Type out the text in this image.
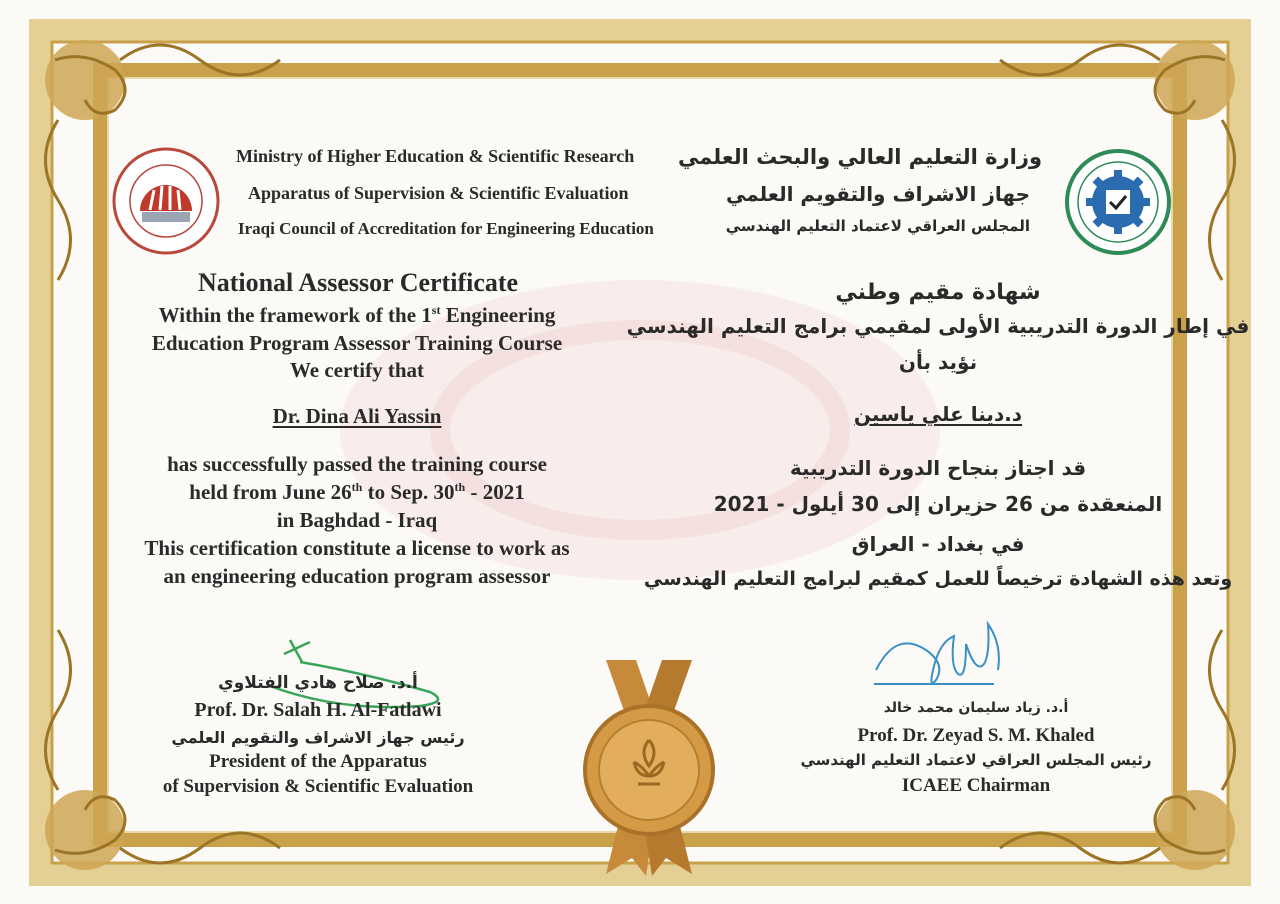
Ministry of Higher Education & Scientific Research
Apparatus of Supervision & Scientific Evaluation
Iraqi Council of Accreditation for Engineering Education
وزارة التعليم العالي والبحث العلمي
جهاز الاشراف والتقويم العلمي
المجلس العراقي لاعتماد التعليم الهندسي
National Assessor Certificate
Within the framework of the 1st Engineering
Education Program Assessor Training Course
We certify that
Dr. Dina Ali Yassin
has successfully passed the training course
held from June 26th to Sep. 30th - 2021
in Baghdad - Iraq
This certification constitute a license to work as
an engineering education program assessor
شهادة مقيم وطني
في إطار الدورة التدريبية الأولى لمقيمي برامج التعليم الهندسي
نؤيد بأن
د.دينا علي ياسين
قد اجتاز بنجاح الدورة التدريبية
المنعقدة من 26 حزيران إلى 30 أيلول - 2021
في بغداد - العراق
وتعد هذه الشهادة ترخيصاً للعمل كمقيم لبرامج التعليم الهندسي
أ.د. صلاح هادي الفتلاوي
Prof. Dr. Salah H. Al-Fatlawi
رئيس جهاز الاشراف والتقويم العلمي
President of the Apparatus
of Supervision & Scientific Evaluation
أ.د. زياد سليمان محمد خالد
Prof. Dr. Zeyad S. M. Khaled
رئيس المجلس العراقي لاعتماد التعليم الهندسي
ICAEE Chairman
